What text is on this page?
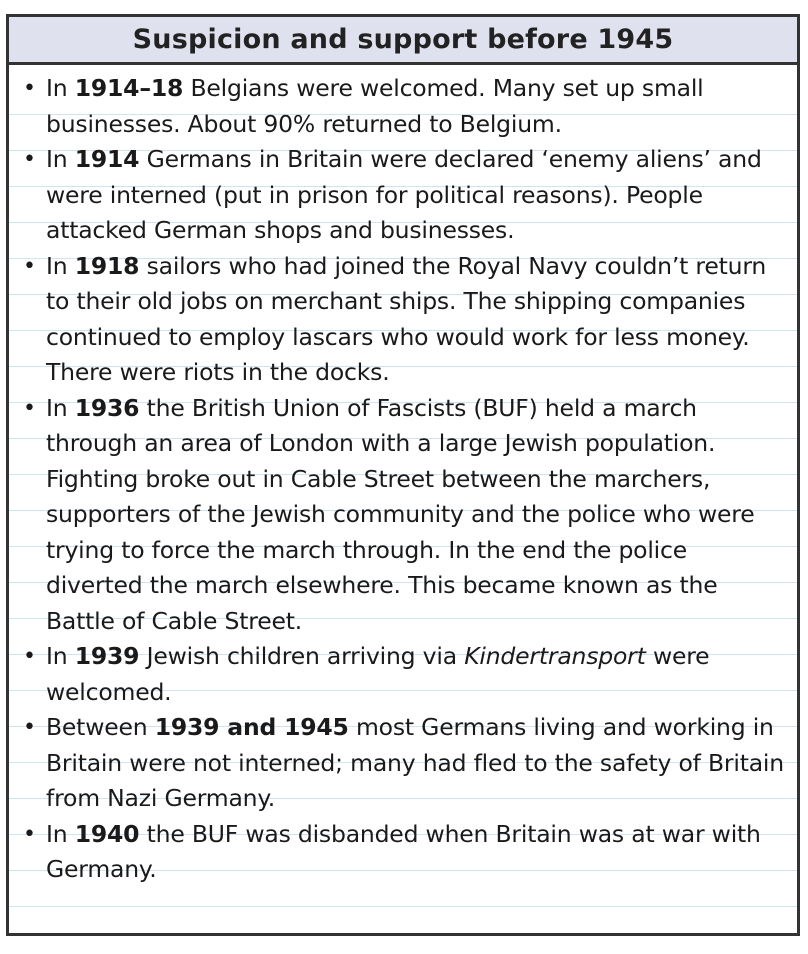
Suspicion and support before 1945
• In 1914–18 Belgians were welcomed. Many set up small businesses. About 90% returned to Belgium.
• In 1914 Germans in Britain were declared ‘enemy aliens’ and were interned (put in prison for political reasons). People attacked German shops and businesses.
• In 1918 sailors who had joined the Royal Navy couldn’t return to their old jobs on merchant ships. The shipping companies continued to employ lascars who would work for less money. There were riots in the docks.
• In 1936 the British Union of Fascists (BUF) held a march through an area of London with a large Jewish population. Fighting broke out in Cable Street between the marchers, supporters of the Jewish community and the police who were trying to force the march through. In the end the police diverted the march elsewhere. This became known as the Battle of Cable Street.
• In 1939 Jewish children arriving via Kindertransport were welcomed.
• Between 1939 and 1945 most Germans living and working in Britain were not interned; many had fled to the safety of Britain from Nazi Germany.
• In 1940 the BUF was disbanded when Britain was at war with Germany.
